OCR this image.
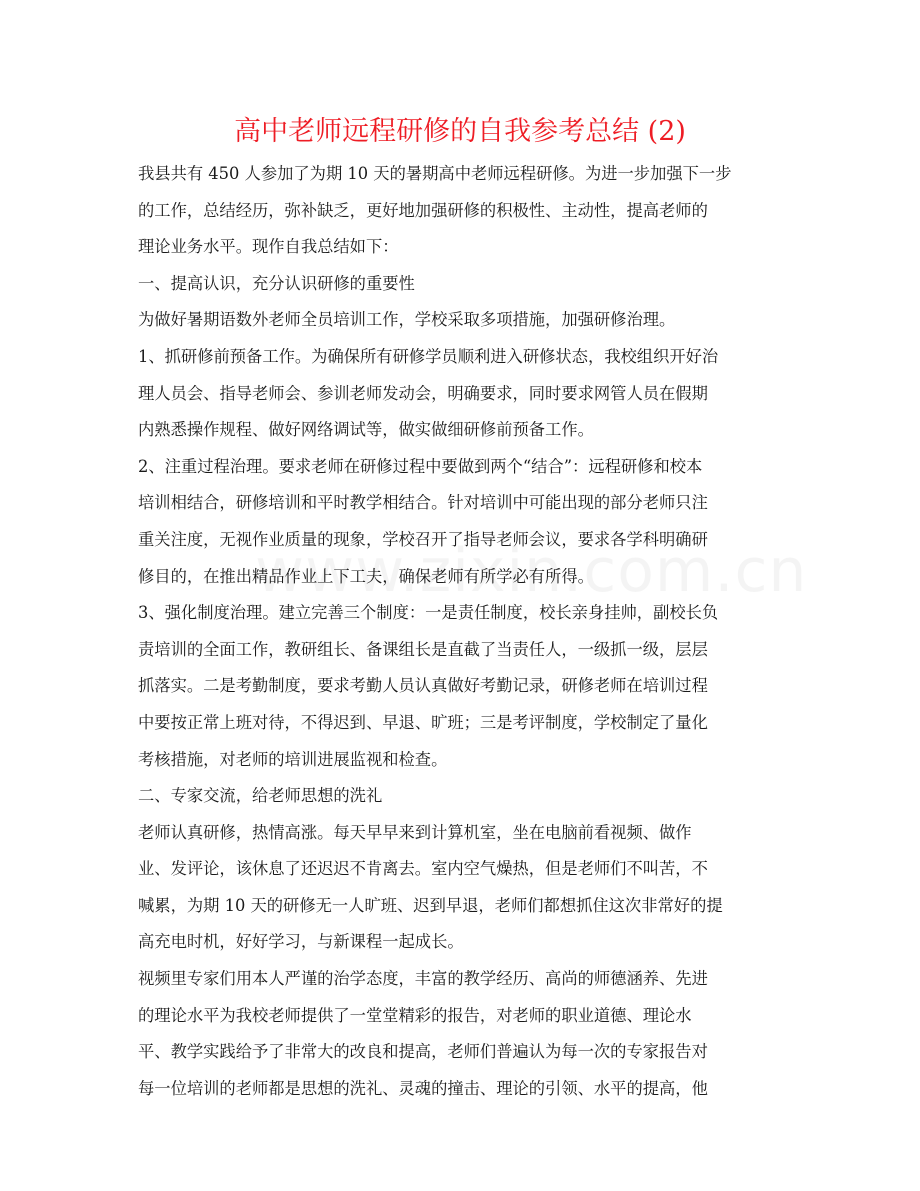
高中老师远程研修的自我参考总结 (2)
我县共有 450 人参加了为期 10 天的暑期高中老师远程研修。为进一步加强下一步
的工作，总结经历，弥补缺乏，更好地加强研修的积极性、主动性，提高老师的
理论业务水平。现作自我总结如下：
一、提高认识，充分认识研修的重要性
为做好暑期语数外老师全员培训工作，学校采取多项措施，加强研修治理。
1、抓研修前预备工作。为确保所有研修学员顺利进入研修状态，我校组织开好治
理人员会、指导老师会、参训老师发动会，明确要求，同时要求网管人员在假期
内熟悉操作规程、做好网络调试等，做实做细研修前预备工作。
2、注重过程治理。要求老师在研修过程中要做到两个“结合”：远程研修和校本
培训相结合，研修培训和平时教学相结合。针对培训中可能出现的部分老师只注
重关注度，无视作业质量的现象，学校召开了指导老师会议，要求各学科明确研
修目的，在推出精品作业上下工夫，确保老师有所学必有所得。
3、强化制度治理。建立完善三个制度：一是责任制度，校长亲身挂帅，副校长负
责培训的全面工作，教研组长、备课组长是直截了当责任人，一级抓一级，层层
抓落实。二是考勤制度，要求考勤人员认真做好考勤记录，研修老师在培训过程
中要按正常上班对待，不得迟到、早退、旷班；三是考评制度，学校制定了量化
考核措施，对老师的培训进展监视和检查。
二、专家交流，给老师思想的洗礼
老师认真研修，热情高涨。每天早早来到计算机室，坐在电脑前看视频、做作
业、发评论，该休息了还迟迟不肯离去。室内空气燥热，但是老师们不叫苦，不
喊累，为期 10 天的研修无一人旷班、迟到早退，老师们都想抓住这次非常好的提
高充电时机，好好学习，与新课程一起成长。
视频里专家们用本人严谨的治学态度，丰富的教学经历、高尚的师德涵养、先进
的理论水平为我校老师提供了一堂堂精彩的报告，对老师的职业道德、理论水
平、教学实践给予了非常大的改良和提高，老师们普遍认为每一次的专家报告对
每一位培训的老师都是思想的洗礼、灵魂的撞击、理论的引领、水平的提高，他
